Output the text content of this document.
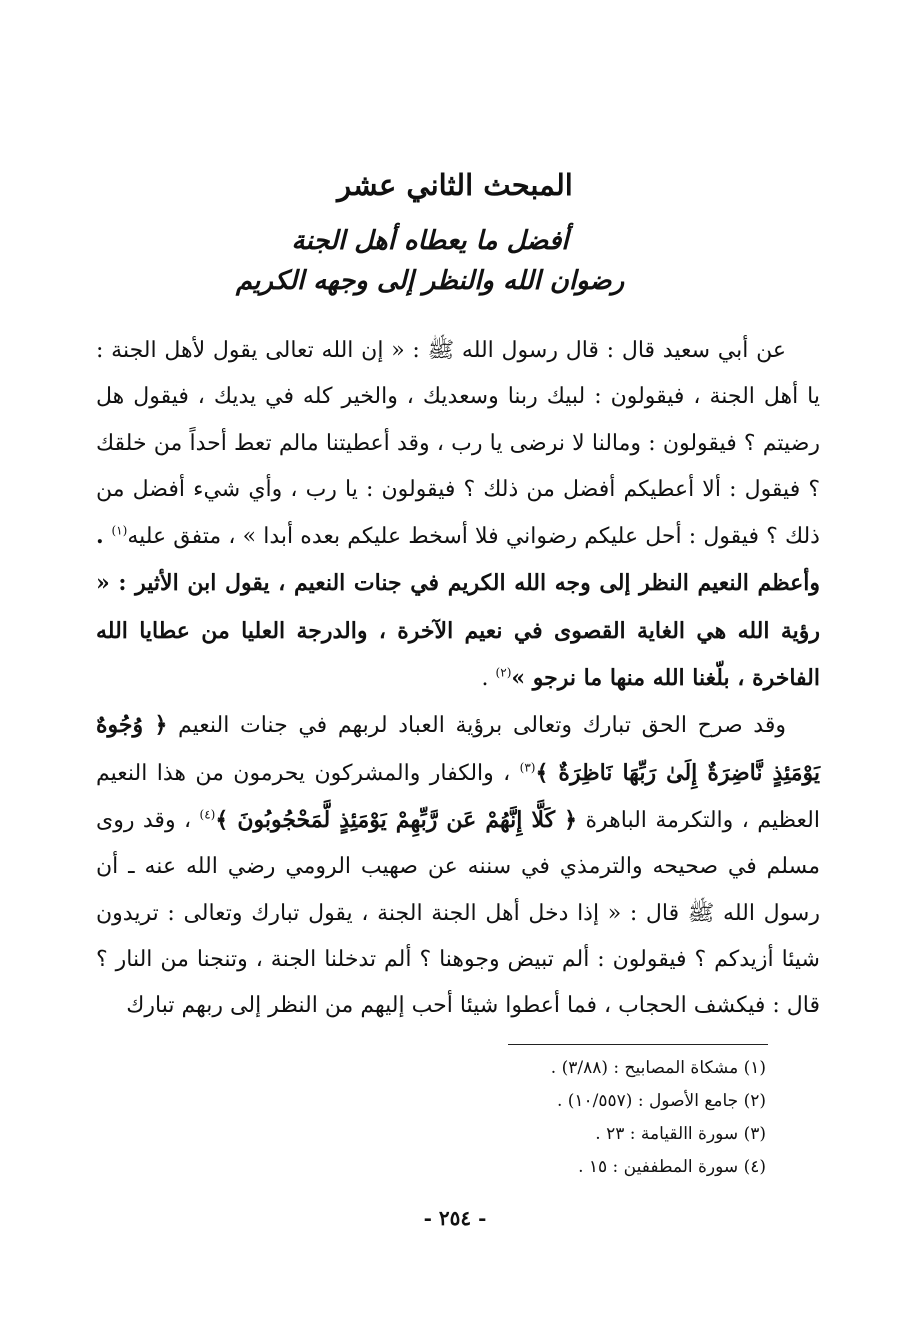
المبحث الثاني عشر
أفضل ما يعطاه أهل الجنة
رضوان الله والنظر إلى وجهه الكريم

عن أبي سعيد قال : قال رسول الله ﷺ : « إن الله تعالى يقول لأهل الجنة : يا أهل الجنة ، فيقولون : لبيك ربنا وسعديك ، والخير كله في يديك ، فيقول هل رضيتم ؟ فيقولون : ومالنا لا نرضى يا رب ، وقد أعطيتنا مالم تعط أحداً من خلقك ؟ فيقول : ألا أعطيكم أفضل من ذلك ؟ فيقولون : يا رب ، وأي شيء أفضل من ذلك ؟ فيقول : أحل عليكم رضواني فلا أسخط عليكم بعده أبدا » ، متفق عليه$^{(١)}$ . وأعظم النعيم النظر إلى وجه الله الكريم في جنات النعيم ، يقول ابن الأثير : « رؤية الله هي الغاية القصوى في نعيم الآخرة ، والدرجة العليا من عطايا الله الفاخرة ، بلّغنا الله منها ما نرجو »$^{(٢)}$ .

وقد صرح الحق تبارك وتعالى برؤية العباد لربهم في جنات النعيم ﴿ وُجُوهٌ يَوْمَئِذٍ نَّاضِرَةٌ إِلَىٰ رَبِّهَا نَاظِرَةٌ ﴾$^{(٣)}$ ، والكفار والمشركون يحرمون من هذا النعيم العظيم ، والتكرمة الباهرة ﴿ كَلَّا إِنَّهُمْ عَن رَّبِّهِمْ يَوْمَئِذٍ لَّمَحْجُوبُونَ ﴾$^{(٤)}$ ، وقد روى مسلم في صحيحه والترمذي في سننه عن صهيب الرومي رضي الله عنه ـ أن رسول الله ﷺ قال : « إذا دخل أهل الجنة الجنة ، يقول تبارك وتعالى : تريدون شيئا أزيدكم ؟ فيقولون : ألم تبيض وجوهنا ؟ ألم تدخلنا الجنة ، وتنجنا من النار ؟ قال : فيكشف الحجاب ، فما أعطوا شيئا أحب إليهم من النظر إلى ربهم تبارك

(١) مشكاة المصابيح : (٣/٨٨) .
(٢) جامع الأصول : (١٠/٥٥٧) .
(٣) سورة االقيامة : ٢٣ .
(٤) سورة المطففين : ١٥ .
- ٢٥٤ -
